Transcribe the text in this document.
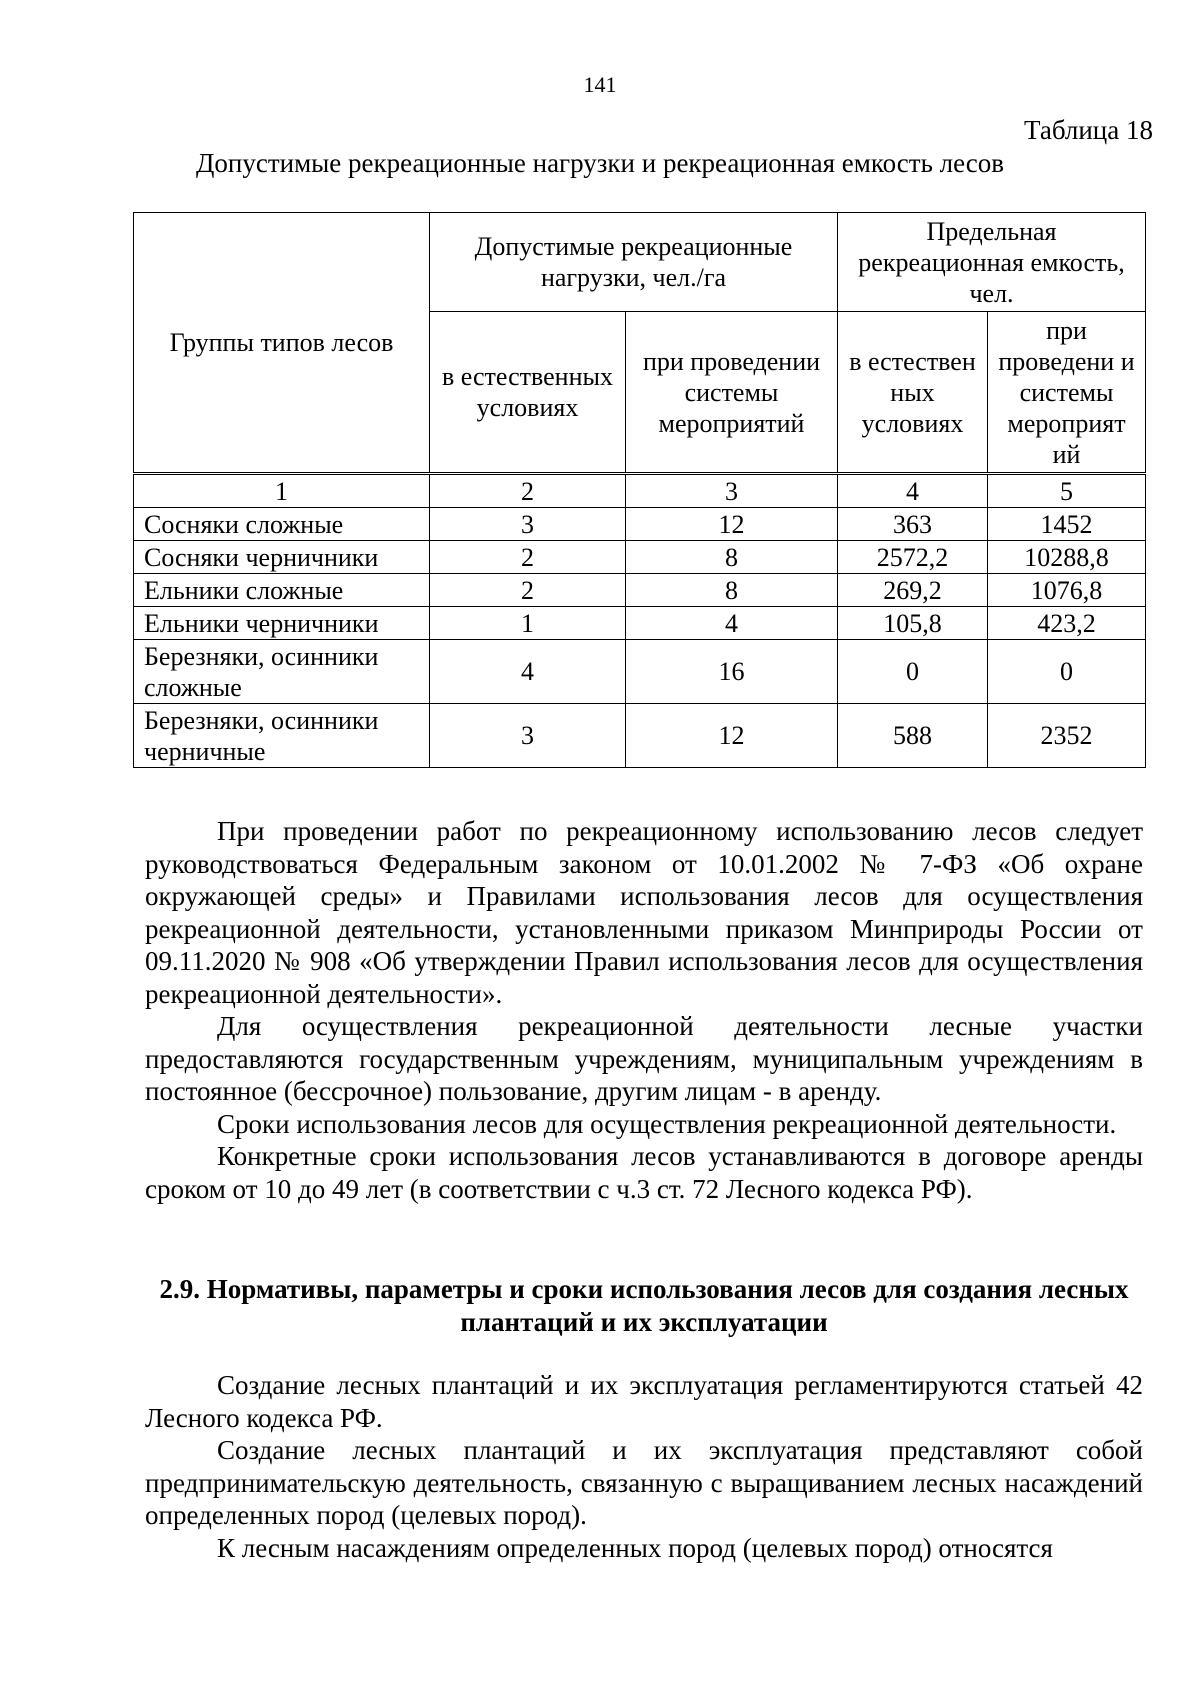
141
Таблица 18
Допустимые рекреационные нагрузки и рекреационная емкость лесов
Группы типов лесов	Допустимые рекреационные нагрузки, чел./га		Предельная рекреационная емкость, чел.	
	в естественных условиях	при проведении системы мероприятий	в естествен ных условиях	при проведени и системы мероприят ий
1	2	3	4	5
Сосняки сложные	3	12	363	1452
Сосняки черничники	2	8	2572,2	10288,8
Ельники сложные	2	8	269,2	1076,8
Ельники черничники	1	4	105,8	423,2
Березняки, осинники сложные	4	16	0	0
Березняки, осинники черничные	3	12	588	2352

При проведении работ по рекреационному использованию лесов следует руководствоваться Федеральным законом от 10.01.2002 № 7-ФЗ «Об охране окружающей среды» и Правилами использования лесов для осуществления рекреационной деятельности, установленными приказом Минприроды России от 09.11.2020 № 908 «Об утверждении Правил использования лесов для осуществления рекреационной деятельности».

Для осуществления рекреационной деятельности лесные участки предоставляются государственным учреждениям, муниципальным учреждениям в постоянное (бессрочное) пользование, другим лицам - в аренду.

Сроки использования лесов для осуществления рекреационной деятельности.

Конкретные сроки использования лесов устанавливаются в договоре аренды сроком от 10 до 49 лет (в соответствии с ч.3 ст. 72 Лесного кодекса РФ).

2.9. Нормативы, параметры и сроки использования лесов для создания лесных плантаций и их эксплуатации

Создание лесных плантаций и их эксплуатация регламентируются статьей 42 Лесного кодекса РФ.

Создание лесных плантаций и их эксплуатация представляют собой предпринимательскую деятельность, связанную с выращиванием лесных насаждений определенных пород (целевых пород).

К лесным насаждениям определенных пород (целевых пород) относятся
